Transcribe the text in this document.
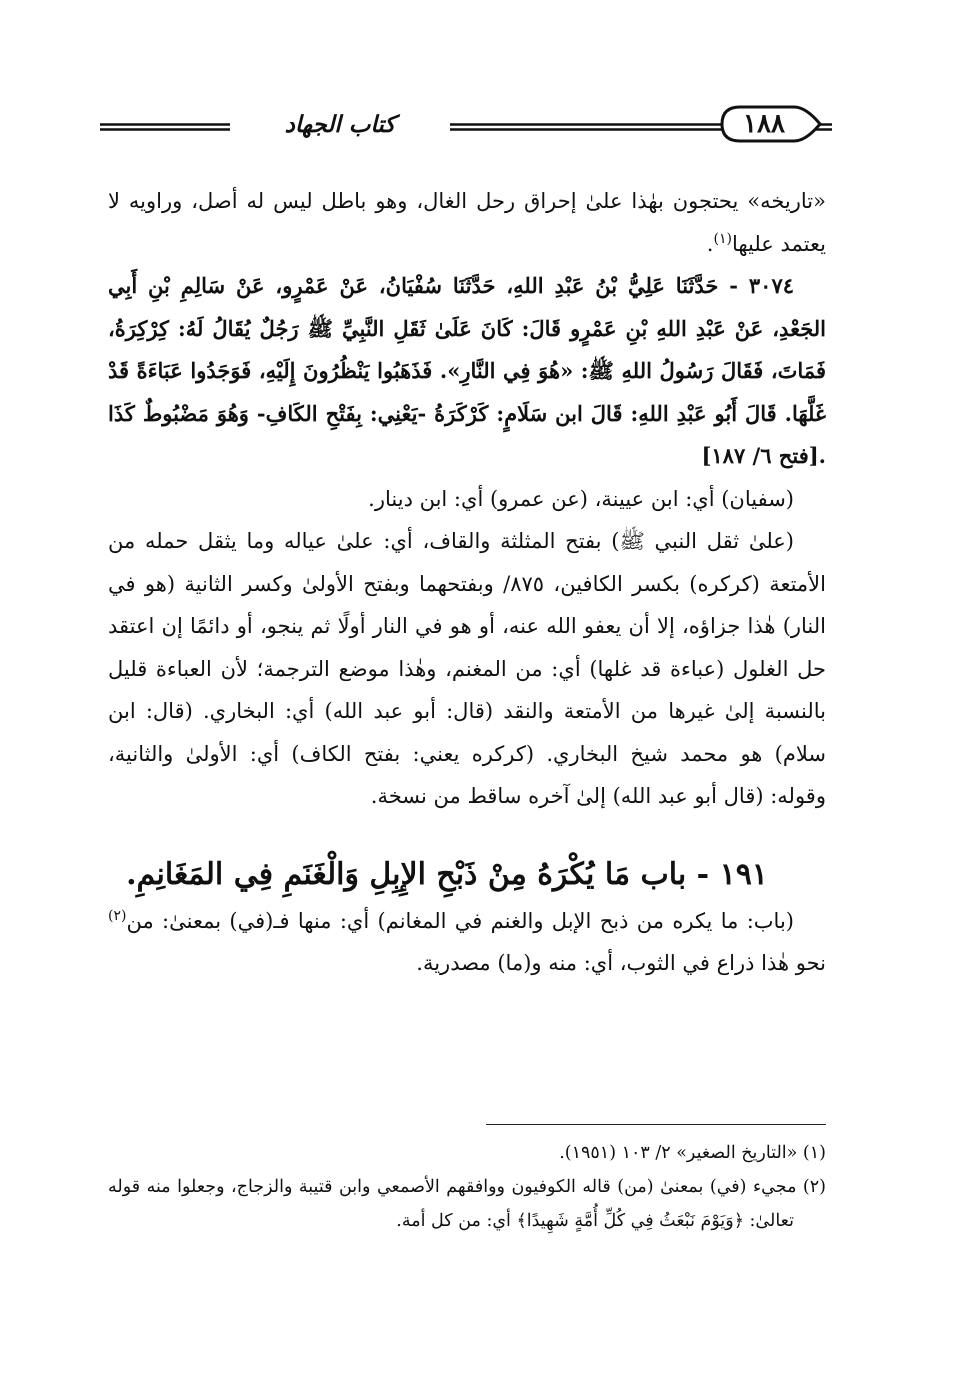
كتاب الجهاد	١٨٨

«تاريخه» يحتجون بهٰذا علىٰ إحراق رحل الغال، وهو باطل ليس له أصل، وراويه لا يعتمد عليها$^{(١)}$.

٣٠٧٤ - حَدَّثَنَا عَلِيُّ بْنُ عَبْدِ اللهِ، حَدَّثَنَا سُفْيَانُ، عَنْ عَمْرٍو، عَنْ سَالِمِ بْنِ أَبِي الجَعْدِ، عَنْ عَبْدِ اللهِ بْنِ عَمْرٍو قَالَ: كَانَ عَلَىٰ ثَقَلِ النَّبِيِّ ﷺ رَجُلٌ يُقَالُ لَهُ: كِرْكِرَةُ، فَمَاتَ، فَقَالَ رَسُولُ اللهِ ﷺ: «هُوَ فِي النَّارِ». فَذَهَبُوا يَنْظُرُونَ إِلَيْهِ، فَوَجَدُوا عَبَاءَةً قَدْ غَلَّهَا. قَالَ أَبُو عَبْدِ اللهِ: قَالَ ابن سَلَامٍ: كَرْكَرَةُ -يَعْنِي: بِفَتْحِ الكَافِ- وَهُوَ مَضْبُوطٌ كَذَا .[فتح ٦/ ١٨٧]

(سفيان) أي: ابن عيينة، (عن عمرو) أي: ابن دينار.

(علىٰ ثقل النبي ﷺ) بفتح المثلثة والقاف، أي: علىٰ عياله وما يثقل حمله من الأمتعة (كركره) بكسر الكافين، ٨٧٥/ وبفتحهما وبفتح الأولىٰ وكسر الثانية (هو في النار) هٰذا جزاؤه، إلا أن يعفو الله عنه، أو هو في النار أولًا ثم ينجو، أو دائمًا إن اعتقد حل الغلول (عباءة قد غلها) أي: من المغنم، وهٰذا موضع الترجمة؛ لأن العباءة قليل بالنسبة إلىٰ غيرها من الأمتعة والنقد (قال: أبو عبد الله) أي: البخاري. (قال: ابن سلام) هو محمد شيخ البخاري. (كركره يعني: بفتح الكاف) أي: الأولىٰ والثانية، وقوله: (قال أبو عبد الله) إلىٰ آخره ساقط من نسخة.

١٩١ - باب مَا يُكْرَهُ مِنْ ذَبْحِ الإِبِلِ وَالْغَنَمِ فِي المَغَانِمِ.

(باب: ما يكره من ذبح الإبل والغنم في المغانم) أي: منها فـ(في) بمعنىٰ: من$^{(٢)}$ نحو هٰذا ذراع في الثوب، أي: منه و(ما) مصدرية.

(١) «التاريخ الصغير» ٢/ ١٠٣ (١٩٥١).

(٢) مجيء (في) بمعنىٰ (من) قاله الكوفيون ووافقهم الأصمعي وابن قتيبة والزجاج، وجعلوا منه قوله تعالىٰ: ﴿وَيَوْمَ نَبْعَثُ فِي كُلِّ أُمَّةٍ شَهِيدًا﴾ أي: من كل أمة.
